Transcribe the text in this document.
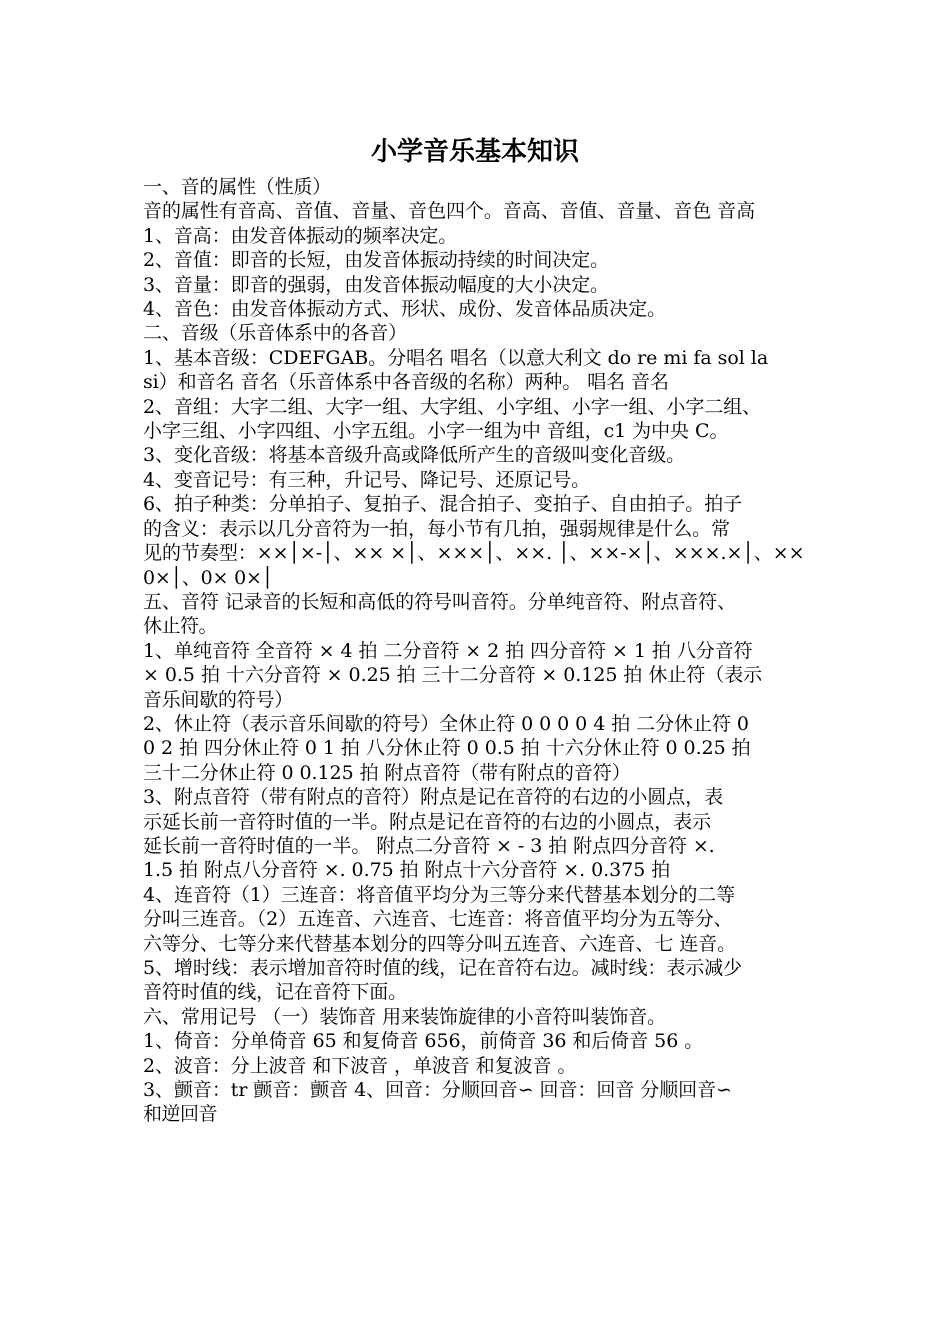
小学音乐基本知识

一、音的属性（性质）

音的属性有音高、音值、音量、音色四个。音高、音值、音量、音色 音高

1、音高：由发音体振动的频率决定。

2、音值：即音的长短，由发音体振动持续的时间决定。

3、音量：即音的强弱，由发音体振动幅度的大小决定。

4、音色：由发音体振动方式、形状、成份、发音体品质决定。

二、音级（乐音体系中的各音）

1、基本音级：CDEFGAB。分唱名 唱名（以意大利文 do re mi fa sol la

si）和音名 音名（乐音体系中各音级的名称）两种。 唱名 音名

2、音组：大字二组、大字一组、大字组、小字组、小字一组、小字二组、

小字三组、小字四组、小字五组。小字一组为中 音组，c1 为中央 C。

3、变化音级：将基本音级升高或降低所产生的音级叫变化音级。

4、变音记号：有三种，升记号、降记号、还原记号。

6、拍子种类：分单拍子、复拍子、混合拍子、变拍子、自由拍子。拍子

的含义：表示以几分音符为一拍，每小节有几拍，强弱规律是什么。常

见的节奏型：××│×-│、×× ×│、×××│、××. │、××-×│、×××.×│、××

0×│、0× 0×│

五、音符 记录音的长短和高低的符号叫音符。分单纯音符、附点音符、

休止符。

1、单纯音符 全音符 × 4 拍 二分音符 × 2 拍 四分音符 × 1 拍 八分音符

× 0.5 拍 十六分音符 × 0.25 拍 三十二分音符 × 0.125 拍 休止符（表示

音乐间歇的符号）

2、休止符（表示音乐间歇的符号）全休止符 0 0 0 0 4 拍 二分休止符 0

0 2 拍 四分休止符 0 1 拍 八分休止符 0 0.5 拍 十六分休止符 0 0.25 拍

三十二分休止符 0 0.125 拍 附点音符（带有附点的音符）

3、附点音符（带有附点的音符）附点是记在音符的右边的小圆点，表

示延长前一音符时值的一半。附点是记在音符的右边的小圆点，表示

延长前一音符时值的一半。 附点二分音符 × - 3 拍 附点四分音符 ×.

1.5 拍 附点八分音符 ×. 0.75 拍 附点十六分音符 ×. 0.375 拍

4、连音符（1）三连音：将音值平均分为三等分来代替基本划分的二等

分叫三连音。（2）五连音、六连音、七连音：将音值平均分为五等分、

六等分、七等分来代替基本划分的四等分叫五连音、六连音、七 连音。

5、增时线：表示增加音符时值的线，记在音符右边。减时线：表示减少

音符时值的线，记在音符下面。

六、常用记号 （一）装饰音 用来装饰旋律的小音符叫装饰音。

1、倚音：分单倚音 65 和复倚音 656，前倚音 36 和后倚音 56 。

2、波音：分上波音 和下波音 ，单波音 和复波音 。

3、颤音：tr 颤音：颤音 4、回音：分顺回音∽ 回音：回音 分顺回音∽

和逆回音
